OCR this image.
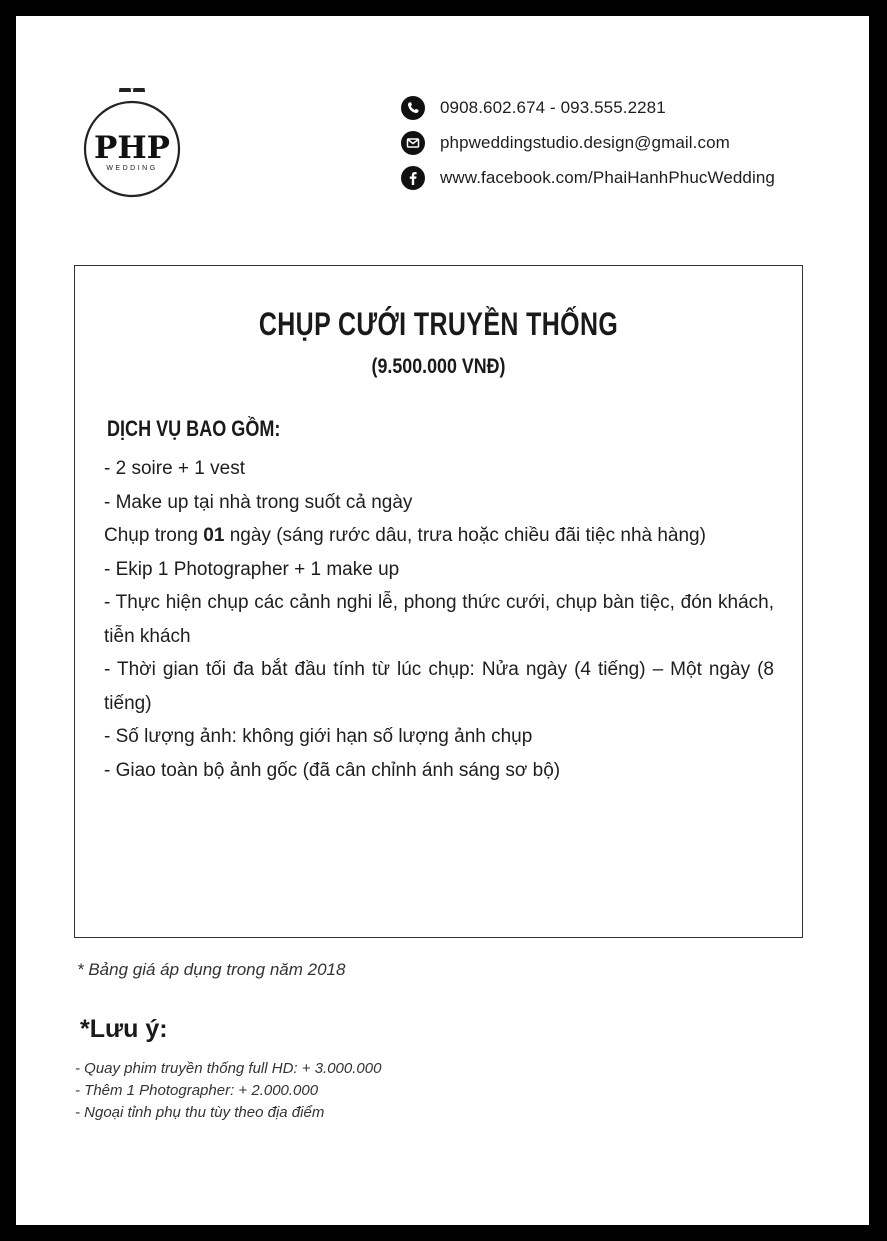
PHP
WEDDING
0908.602.674 - 093.555.2281
phpweddingstudio.design@gmail.com
www.facebook.com/PhaiHanhPhucWedding
CHỤP CƯỚI TRUYỀN THỐNG
(9.500.000 VNĐ)
DỊCH VỤ BAO GỒM:
- 2 soire + 1 vest
- Make up tại nhà trong suốt cả ngày
Chụp trong 01 ngày (sáng rước dâu, trưa hoặc chiều đãi tiệc nhà hàng)
- Ekip 1 Photographer + 1 make up
- Thực hiện chụp các cảnh nghi lễ, phong thức cưới, chụp bàn tiệc, đón khách, tiễn khách
- Thời gian tối đa bắt đầu tính từ lúc chụp: Nửa ngày (4 tiếng) – Một ngày (8 tiếng)
- Số lượng ảnh: không giới hạn số lượng ảnh chụp
- Giao toàn bộ ảnh gốc (đã cân chỉnh ánh sáng sơ bộ)
* Bảng giá áp dụng trong năm 2018
*Lưu ý:
- Quay phim truyền thống full HD: + 3.000.000
- Thêm 1 Photographer: + 2.000.000
- Ngoại tỉnh phụ thu tùy theo địa điểm
